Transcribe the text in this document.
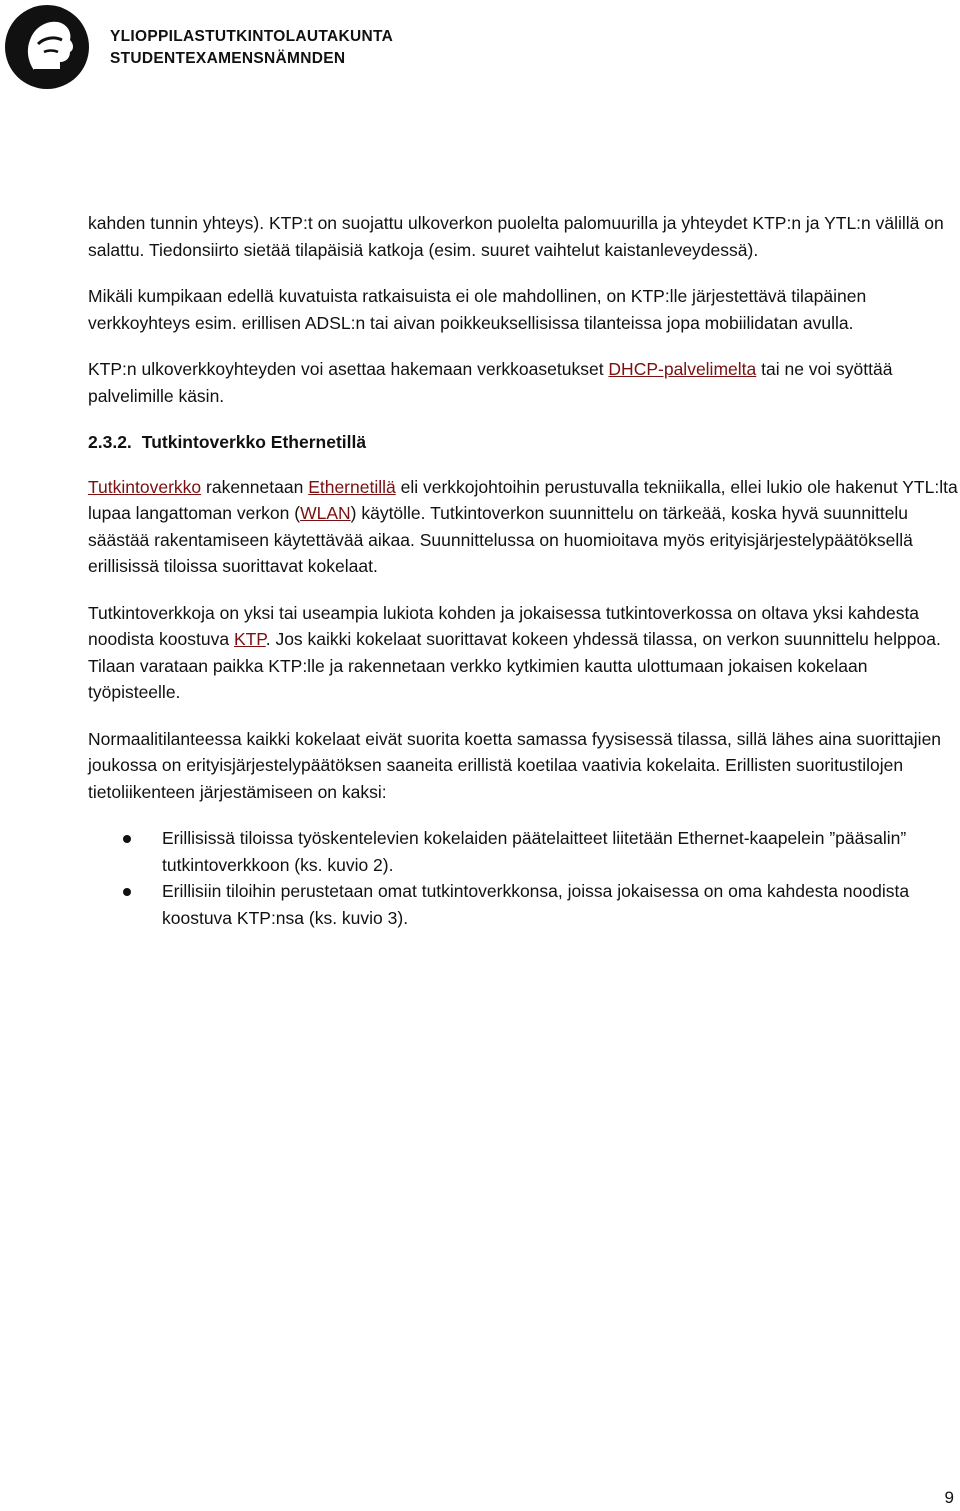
YLIOPPILASTUTKINTOLAUTAKUNTA
STUDENTEXAMENSNÄMNDEN

kahden tunnin yhteys). KTP:t on suojattu ulkoverkon puolelta palomuurilla ja yhteydet KTP:n ja YTL:n välillä on salattu. Tiedonsiirto sietää tilapäisiä katkoja (esim. suuret vaihtelut kaistanleveydessä).

Mikäli kumpikaan edellä kuvatuista ratkaisuista ei ole mahdollinen, on KTP:lle järjestettävä tilapäinen verkkoyhteys esim. erillisen ADSL:n tai aivan poikkeuksellisissa tilanteissa jopa mobiilidatan avulla.

KTP:n ulkoverkkoyhteyden voi asettaa hakemaan verkkoasetukset DHCP-palvelimelta tai ne voi syöttää palvelimille käsin.

2.3.2. Tutkintoverkko Ethernetillä

Tutkintoverkko rakennetaan Ethernetillä eli verkkojohtoihin perustuvalla tekniikalla, ellei lukio ole hakenut YTL:lta lupaa langattoman verkon (WLAN) käytölle. Tutkintoverkon suunnittelu on tärkeää, koska hyvä suunnittelu säästää rakentamiseen käytettävää aikaa. Suunnittelussa on huomioitava myös erityisjärjestelypäätöksellä erillisissä tiloissa suorittavat kokelaat.

Tutkintoverkkoja on yksi tai useampia lukiota kohden ja jokaisessa tutkintoverkossa on oltava yksi kahdesta noodista koostuva KTP. Jos kaikki kokelaat suorittavat kokeen yhdessä tilassa, on verkon suunnittelu helppoa. Tilaan varataan paikka KTP:lle ja rakennetaan verkko kytkimien kautta ulottumaan jokaisen kokelaan työpisteelle.

Normaalitilanteessa kaikki kokelaat eivät suorita koetta samassa fyysisessä tilassa, sillä lähes aina suorittajien joukossa on erityisjärjestelypäätöksen saaneita erillistä koetilaa vaativia kokelaita. Erillisten suoritustilojen tietoliikenteen järjestämiseen on kaksi:

Erillisissä tiloissa työskentelevien kokelaiden päätelaitteet liitetään Ethernet-kaapelein ”pääsalin” tutkintoverkkoon (ks. kuvio 2).
Erillisiin tiloihin perustetaan omat tutkintoverkkonsa, joissa jokaisessa on oma kahdesta noodista koostuva KTP:nsa (ks. kuvio 3).
9
